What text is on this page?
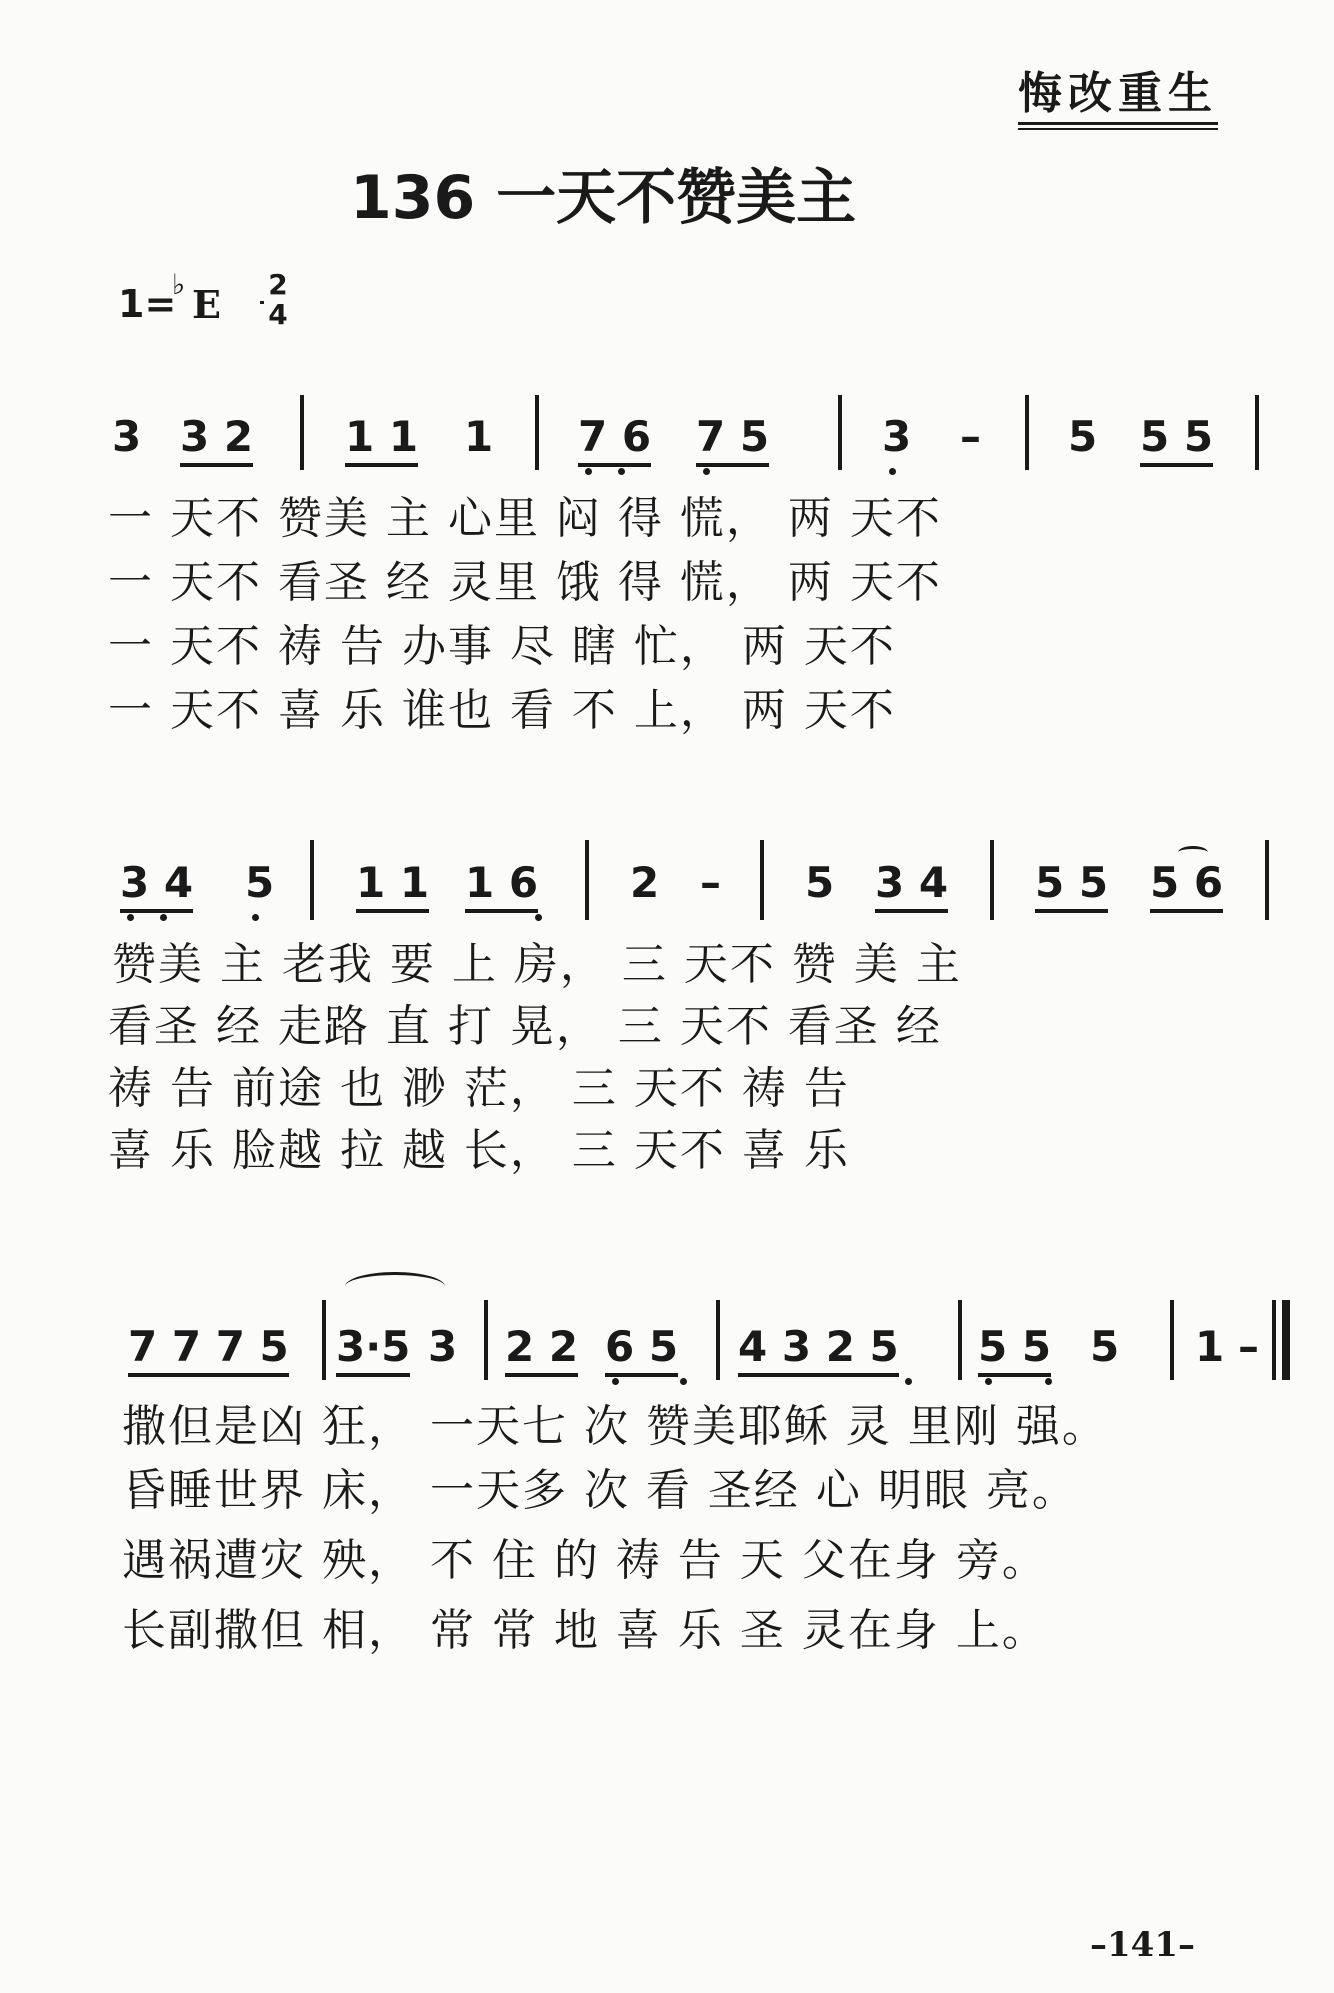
悔改重生
136 一天不赞美主
1=
♭ E 2
4
3 3 2 1 1 1 7 6 7 5	3 – 5 5 5
一 天不 赞美 主 心里 闷 得 慌， 两 天不
一 天不 看圣 经 灵里 饿 得 慌， 两 天不
一 天不 祷 告 办事 尽 瞎 忙， 两 天不
一 天不 喜 乐 谁也 看 不 上， 两 天不
3 4 5 1 1 1 6 2 – 5 3 4 5 5 5 6
赞美 主 老我 要 上 房， 三 天不 赞 美 主
看圣 经 走路 直 打 晃， 三 天不 看圣 经
祷 告 前途 也 渺 茫， 三 天不 祷 告
喜 乐 脸越 拉 越 长， 三 天不 喜 乐
7 7 7 5 3·5 3 2 2 6 5 4 3 2 5 5 5 5 1 –
撒但是凶 狂， 一天七 次 赞美耶稣 灵 里刚 强。
昏睡世界 床， 一天多 次 看 圣经 心 明眼 亮。
遇祸遭灾 殃， 不 住 的 祷 告 天 父在身 旁。
长副撒但 相， 常 常 地 喜 乐 圣 灵在身 上。
–141–
